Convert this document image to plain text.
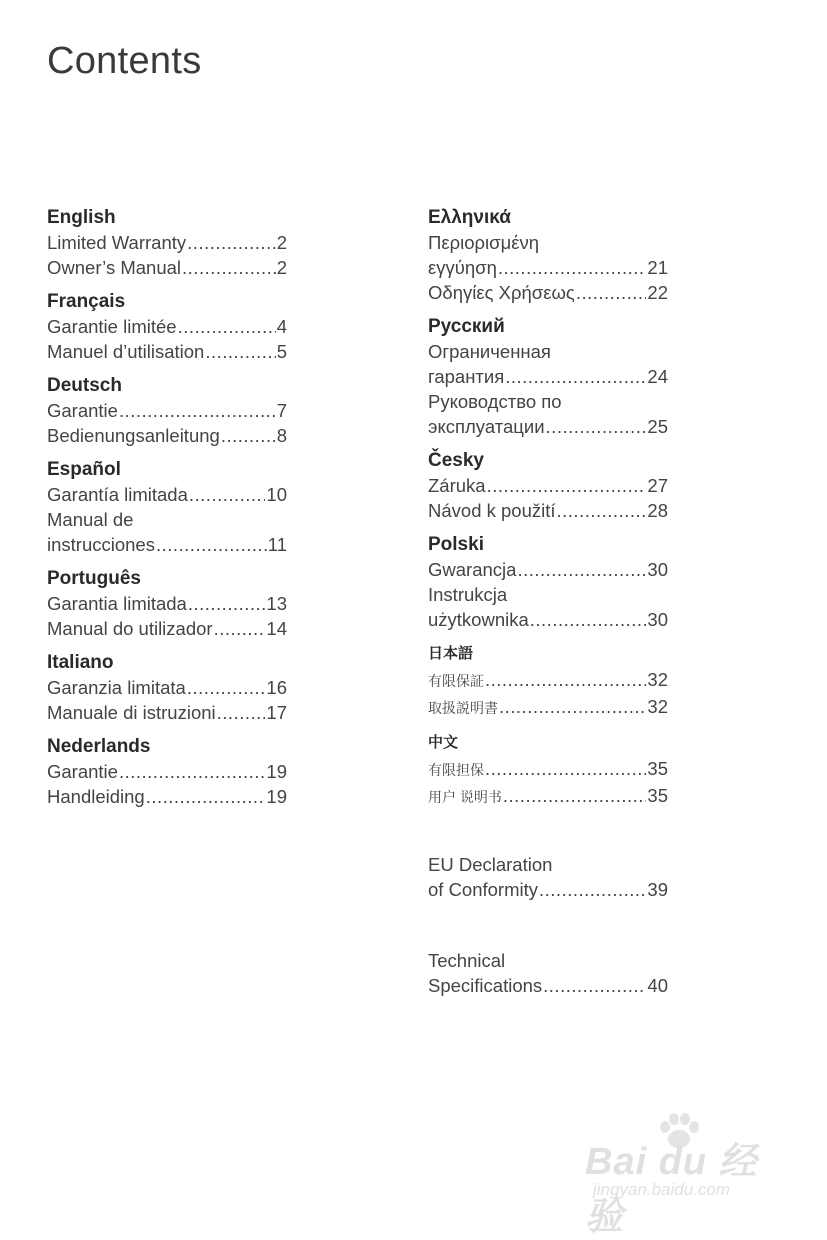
Contents
English
Limited Warranty .....	2
Owner’s Manual .....	2
Français
Garantie limitée .....	4
Manuel d’utilisation .....	5
Deutsch
Garantie .....	7
Bedienungsanleitung .....	8
Español
Garantía limitada .....	10
Manual de
instrucciones .....	11
Português
Garantia limitada .....	13
Manual do utilizador .....	14
Italiano
Garanzia limitata .....	16
Manuale di istruzioni .....	17
Nederlands
Garantie .....	19
Handleiding .....	19
Ελληνικά
Περιορισμένη
εγγύηση .....	21
Οδηγίες Χρήσεως .....	22
Русский
Ограниченная
гарантия .....	24
Руководство по
эксплуатации .....	25
Česky
Záruka .....	27
Návod k použití .....	28
Polski
Gwarancja .....	30
Instrukcja
użytkownika .....	30
日本語
有限保証 .....	32
取扱説明書 .....	32
中文
有限担保 .....	35
用户 说明书 .....	35
EU Declaration
of Conformity .....	39
Technical
Specifications .....	40
Bai du 经验
jingyan.baidu.com
